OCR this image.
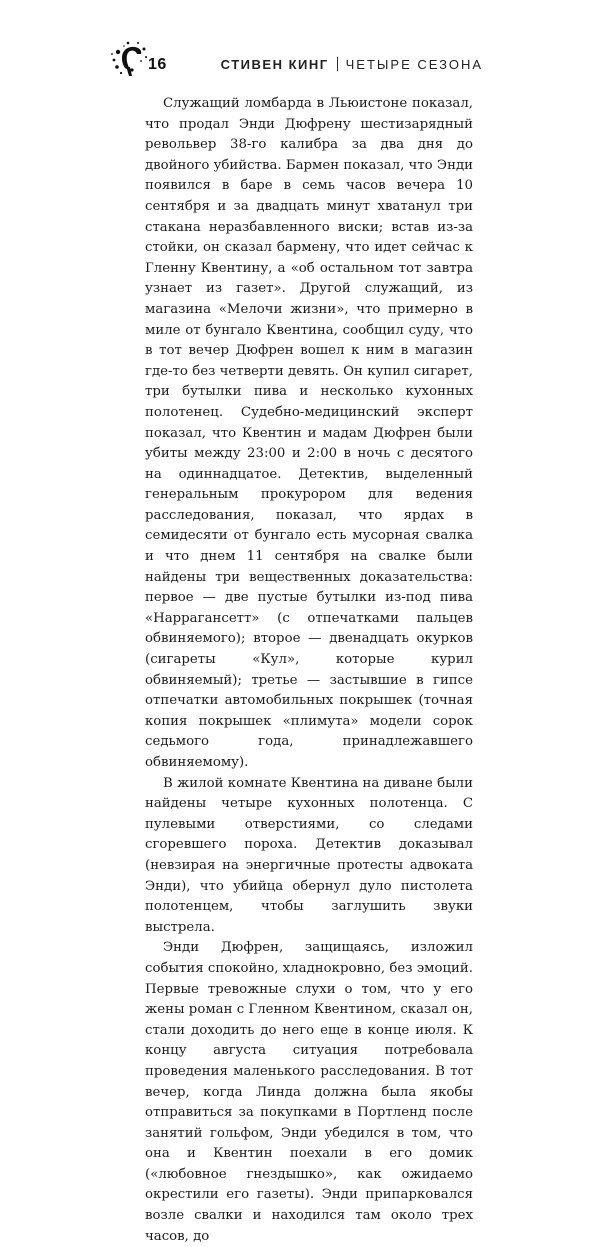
16	СТИВЕН КИНГ ЧЕТЫРЕ СЕЗОНА

Служащий ломбарда в Льюистоне показал, что продал Энди Дюфрену шестизарядный револьвер 38-го калибра за два дня до двойного убийства. Бармен показал, что Энди появился в баре в семь часов вечера 10 сентября и за двадцать минут хватанул три стакана неразбавленного виски; встав из-за стойки, он сказал бармену, что идет сейчас к Гленну Квентину, а «об остальном тот завтра узнает из газет». Другой служащий, из магазина «Мелочи жизни», что примерно в миле от бунгало Квентина, сообщил суду, что в тот вечер Дюфрен вошел к ним в магазин где-то без четверти девять. Он купил сигарет, три бутылки пива и несколько кухонных полотенец. Судебно-медицинский эксперт показал, что Квентин и мадам Дюфрен были убиты между 23:00 и 2:00 в ночь с десятого на одиннадцатое. Детектив, выделенный генеральным прокурором для ведения расследования, показал, что ярдах в семидесяти от бунгало есть мусорная свалка и что днем 11 сентября на свалке были найдены три вещественных доказательства: первое — две пустые бутылки из-под пива «Наррагансетт» (с отпечатками пальцев обвиняемого); второе — двенадцать окурков (сигареты «Кул», которые курил обвиняемый); третье — застывшие в гипсе отпечатки автомобильных покрышек (точная копия покрышек «плимута» модели сорок седьмого года, принадлежавшего обвиняемому).

В жилой комнате Квентина на диване были найдены четыре кухонных полотенца. С пулевыми отверстиями, со следами сгоревшего пороха. Детектив доказывал (невзирая на энергичные протесты адвоката Энди), что убийца обернул дуло пистолета полотенцем, чтобы заглушить звуки выстрела.

Энди Дюфрен, защищаясь, изложил события спокойно, хладнокровно, без эмоций. Первые тревожные слухи о том, что у его жены роман с Гленном Квентином, сказал он, стали доходить до него еще в конце июля. К концу августа ситуация потребовала проведения маленького расследования. В тот вечер, когда Линда должна была якобы отправиться за покупками в Портленд после занятий гольфом, Энди убедился в том, что она и Квентин поехали в его домик («любовное гнездышко», как ожидаемо окрестили его газеты). Энди припарковался возле свалки и находился там около трех часов, до
